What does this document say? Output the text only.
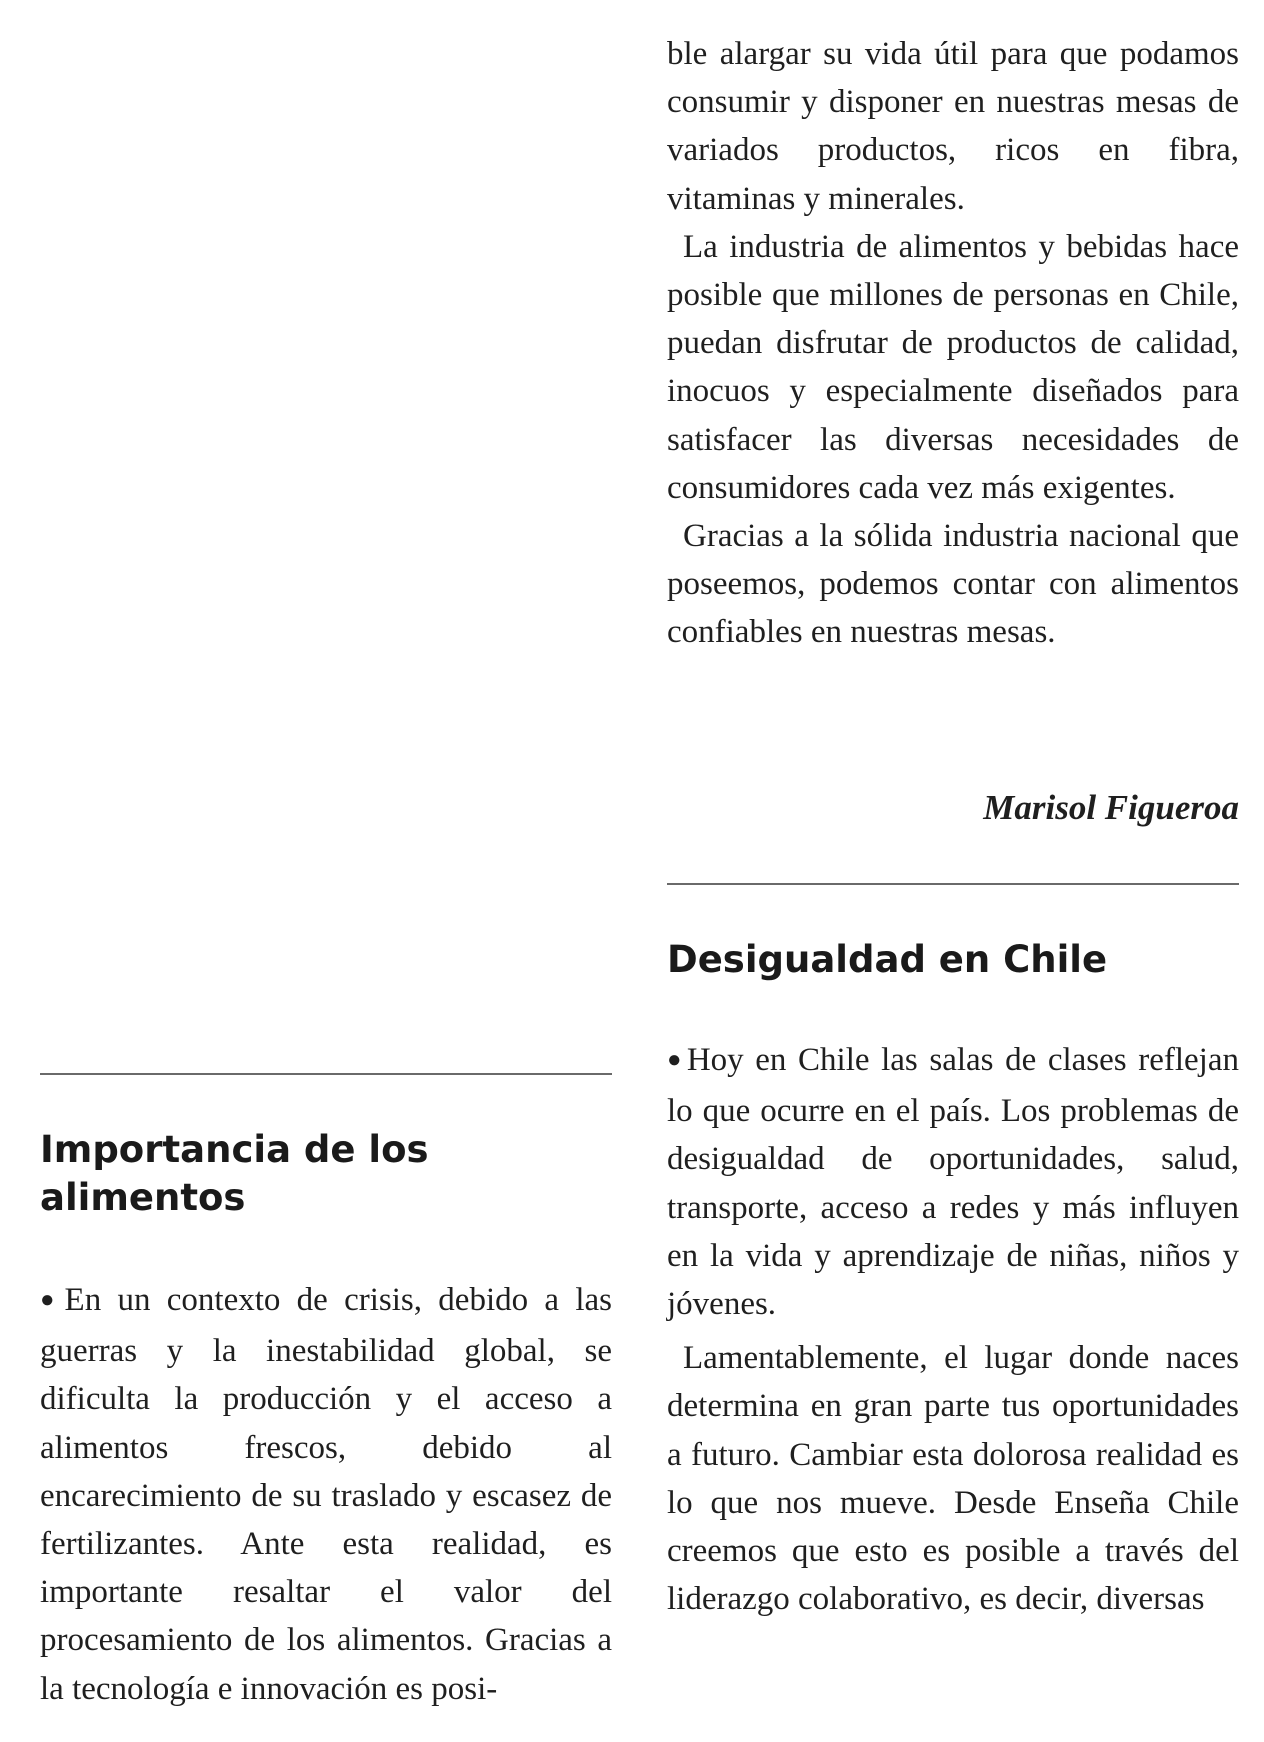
Importancia de los alimentos

●En un contexto de crisis, debido a las guerras y la inestabilidad global, se dificulta la producción y el acceso a alimentos frescos, debido al encarecimiento de su traslado y escasez de fertilizantes. Ante esta realidad, es importante resaltar el valor del procesamiento de los alimentos. Gracias a la tecnología e innovación es posi-

ble alargar su vida útil para que podamos consumir y disponer en nuestras mesas de variados productos, ricos en fibra, vitaminas y minerales.

La industria de alimentos y bebidas hace posible que millones de personas en Chile, puedan disfrutar de productos de calidad, inocuos y especialmente diseñados para satisfacer las diversas necesidades de consumidores cada vez más exigentes.

Gracias a la sólida industria nacional que poseemos, podemos contar con alimentos confiables en nuestras mesas.

Marisol Figueroa

Desigualdad en Chile

●Hoy en Chile las salas de clases reflejan lo que ocurre en el país. Los problemas de desigualdad de oportunidades, salud, transporte, acceso a redes y más influyen en la vida y aprendizaje de niñas, niños y jóvenes.

Lamentablemente, el lugar donde naces determina en gran parte tus oportunidades a futuro. Cambiar esta dolorosa realidad es lo que nos mueve. Desde Enseña Chile creemos que esto es posible a través del liderazgo colaborativo, es decir, diversas
